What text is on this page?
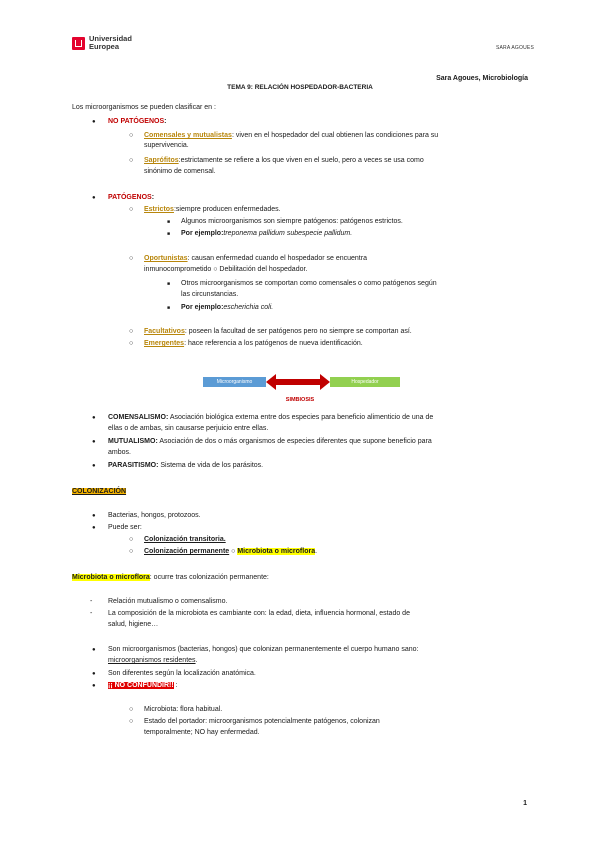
Universidad
Europea	SARA AGOUES
Sara Agoues, Microbiología
TEMA 9: RELACIÓN HOSPEDADOR-BACTERIA
Los microorganismos se pueden clasificar en :
● NO PATÓGENOS:
○ Comensales y mutualistas: viven en el hospedador del cual obtienen las condiciones para su
supervivencia.
○ Saprófitos:estrictamente se refiere a los que viven en el suelo, pero a veces se usa como
sinónimo de comensal.
● PATÓGENOS:
○ Estrictos:siempre producen enfermedades.
■ Algunos microorganismos son siempre patógenos: patógenos estrictos.
■ Por ejemplo:treponema pallidum subespecie pallidum.
○ Oportunistas: causan enfermedad cuando el hospedador se encuentra
inmunocomprometido ○ Debilitación del hospedador.
■ Otros microorganismos se comportan como comensales o como patógenos según
las circunstancias.
■ Por ejemplo:escherichia coli.
○ Facultativos: poseen la facultad de ser patógenos pero no siempre se comportan así.
○ Emergentes: hace referencia a los patógenos de nueva identificación.
Microorganismo	Hospedador
SIMBIOSIS
● COMENSALISMO: Asociación biológica externa entre dos especies para beneficio alimenticio de una de
ellas o de ambas, sin causarse perjuicio entre ellas.
● MUTUALISMO: Asociación de dos o más organismos de especies diferentes que supone beneficio para
ambos.
● PARASITISMO: Sistema de vida de los parásitos.
COLONIZACIÓN
● Bacterias, hongos, protozoos.
● Puede ser:
○ Colonización transitoria.
○ Colonización permanente ○ Microbiota o microflora.
Microbiota o microflora: ocurre tras colonización permanente:
- Relación mutualismo o comensalismo.
- La composición de la microbiota es cambiante con: la edad, dieta, influencia hormonal, estado de
salud, higiene…
● Son microorganismos (bacterias, hongos) que colonizan permanentemente el cuerpo humano sano:
microorganismos residentes.
● Son diferentes según la localización anatómica.
● ¡¡ NO CONFUNDIR!! :
○ Microbiota: flora habitual.
○ Estado del portador: microorganismos potencialmente patógenos, colonizan
temporalmente; NO hay enfermedad.
1
